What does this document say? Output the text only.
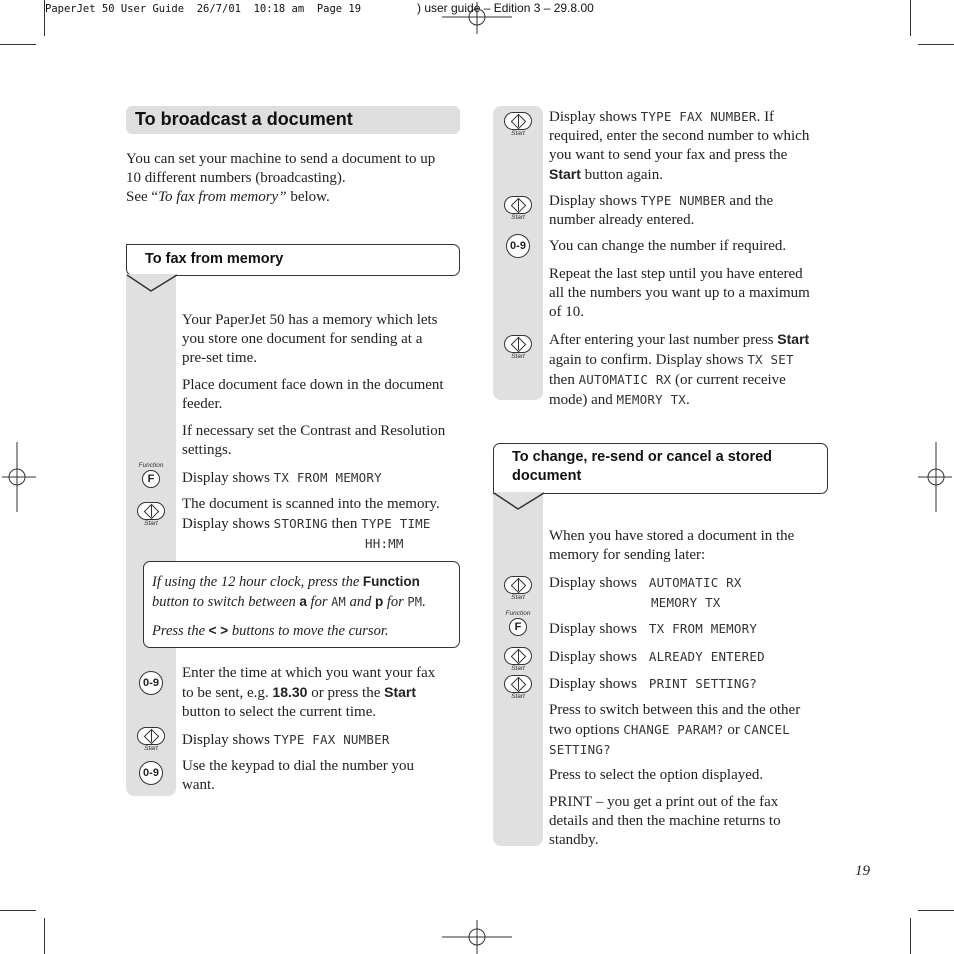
PaperJet 50 User Guide  26/7/01  10:18 am  Page 19	) user guide – Edition 3 – 29.8.00
To broadcast a document
You can set your machine to send a document to up
10 different numbers (broadcasting).
See “To fax from memory” below.
To fax from memory
Your PaperJet 50 has a memory which lets
you store one document for sending at a
pre-set time.
Place document face down in the document
feeder.
If necessary set the Contrast and Resolution
settings.
Function
F	Display shows TX FROM MEMORY
Start
The document is scanned into the memory.
Display shows STORING then TYPE TIME
HH:MM
If using the 12 hour clock, press the Function
button to switch between a for AM and p for PM.
Press the < > buttons to move the cursor.
0-9
Enter the time at which you want your fax
to be sent, e.g. 18.30 or press the Start
button to select the current time.
Start
Display shows TYPE FAX NUMBER
0-9 Use the keypad to dial the number you
want.
Start
Display shows TYPE FAX NUMBER. If
required, enter the second number to which
you want to send your fax and press the
Start button again.
Start
Display shows TYPE NUMBER and the
number already entered.
0-9 You can change the number if required.
Repeat the last step until you have entered
all the numbers you want up to a maximum
of 10.
Start
After entering your last number press Start
again to confirm. Display shows TX SET
then AUTOMATIC RX (or current receive
mode) and MEMORY TX.
To change, re-send or cancel a stored
document
When you have stored a document in the
memory for sending later:
Start
Display shows AUTOMATIC RX
MEMORY TX
Function
F	Display shows TX FROM MEMORY
Start
Display shows ALREADY ENTERED
Start
Display shows PRINT SETTING?
Press to switch between this and the other
two options CHANGE PARAM? or CANCEL
SETTING?
Press to select the option displayed.
PRINT – you get a print out of the fax
details and then the machine returns to
standby.
19
